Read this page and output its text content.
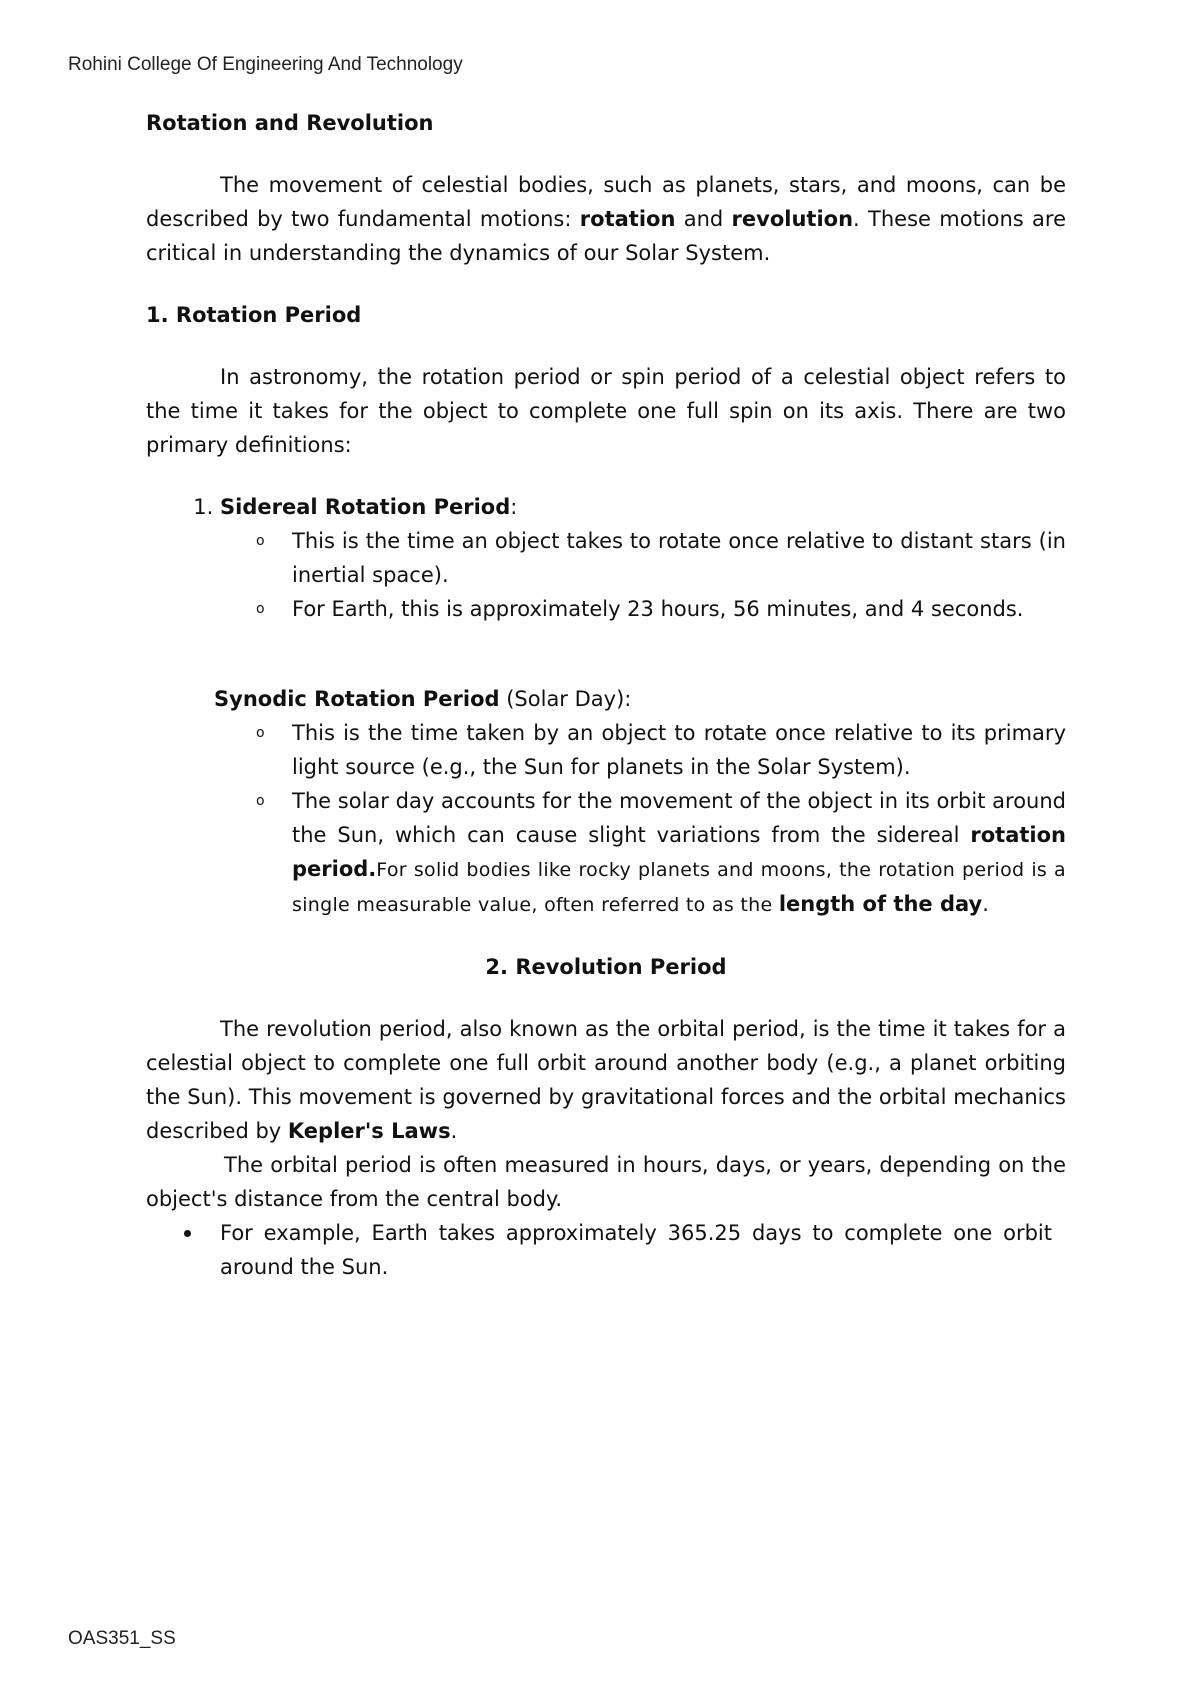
Rohini College Of Engineering And Technology

Rotation and Revolution

The movement of celestial bodies, such as planets, stars, and moons, can be described by two fundamental motions: rotation and revolution. These motions are critical in understanding the dynamics of our Solar System.

1. Rotation Period

In astronomy, the rotation period or spin period of a celestial object refers to the time it takes for the object to complete one full spin on its axis. There are two primary definitions:

1. Sidereal Rotation Period:
o This is the time an object takes to rotate once relative to distant stars (in inertial space).
o For Earth, this is approximately 23 hours, 56 minutes, and 4 seconds.

Synodic Rotation Period (Solar Day):

o This is the time taken by an object to rotate once relative to its primary light source (e.g., the Sun for planets in the Solar System).
o The solar day accounts for the movement of the object in its orbit around the Sun, which can cause slight variations from the sidereal rotation period.For solid bodies like rocky planets and moons, the rotation period is a single measurable value, often referred to as the length of the day.

2. Revolution Period

The revolution period, also known as the orbital period, is the time it takes for a celestial object to complete one full orbit around another body (e.g., a planet orbiting the Sun). This movement is governed by gravitational forces and the orbital mechanics described by Kepler's Laws.

The orbital period is often measured in hours, days, or years, depending on the object's distance from the central body.

For example, Earth takes approximately 365.25 days to complete one orbit around the Sun.
OAS351_SS
